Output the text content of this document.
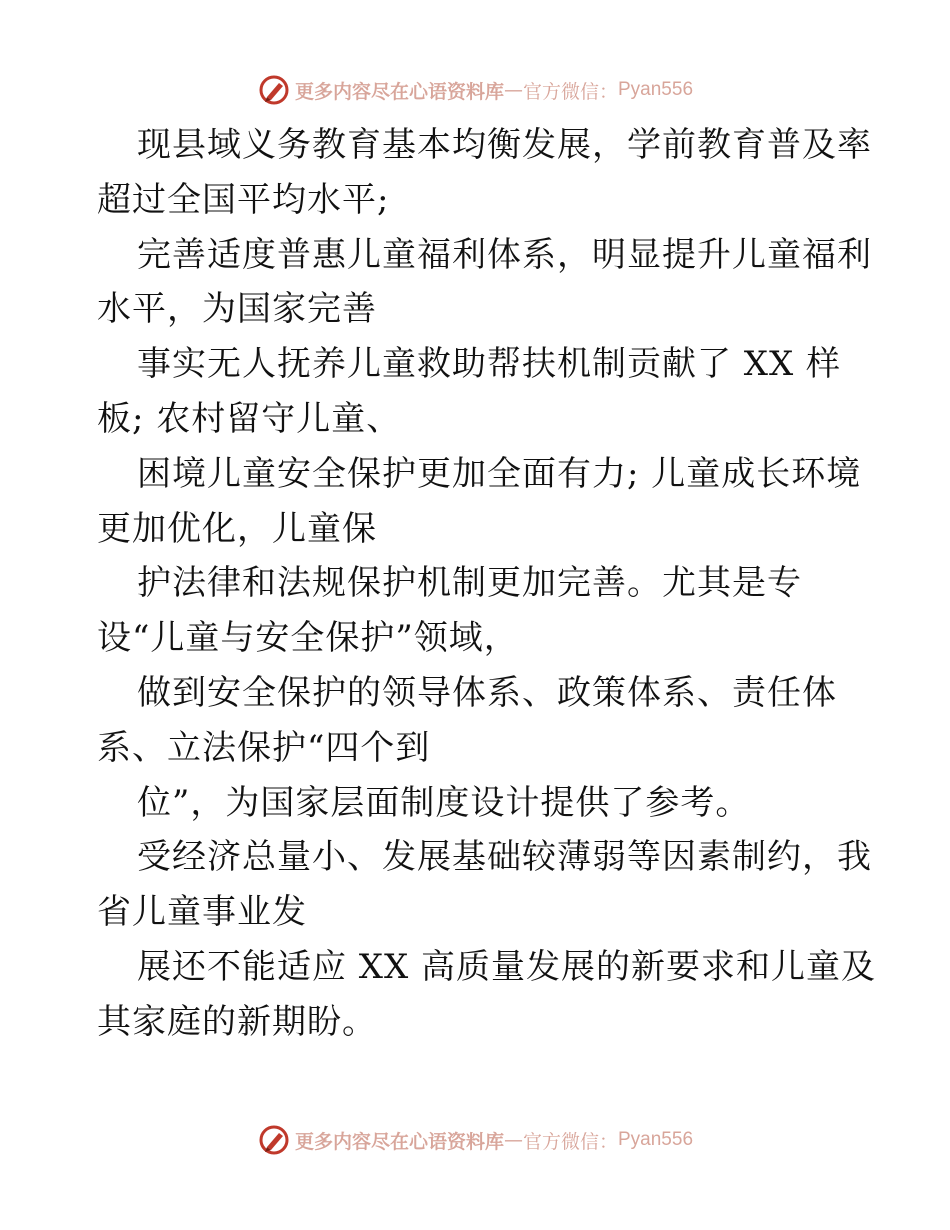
更多内容尽在心语资料库 — 官方微信： Pyan556
现县域义务教育基本均衡发展，学前教育普及率
超过全国平均水平;
完善适度普惠儿童福利体系，明显提升儿童福利
水平，为国家完善
事实无人抚养儿童救助帮扶机制贡献了 XX 样
板; 农村留守儿童、
困境儿童安全保护更加全面有力; 儿童成长环境
更加优化，儿童保
护法律和法规保护机制更加完善。尤其是专
设“儿童与安全保护”领域，
做到安全保护的领导体系、政策体系、责任体
系、立法保护“四个到
位”，为国家层面制度设计提供了参考。
受经济总量小、发展基础较薄弱等因素制约，我
省儿童事业发
展还不能适应 XX 高质量发展的新要求和儿童及
其家庭的新期盼。
更多内容尽在心语资料库 — 官方微信： Pyan556
